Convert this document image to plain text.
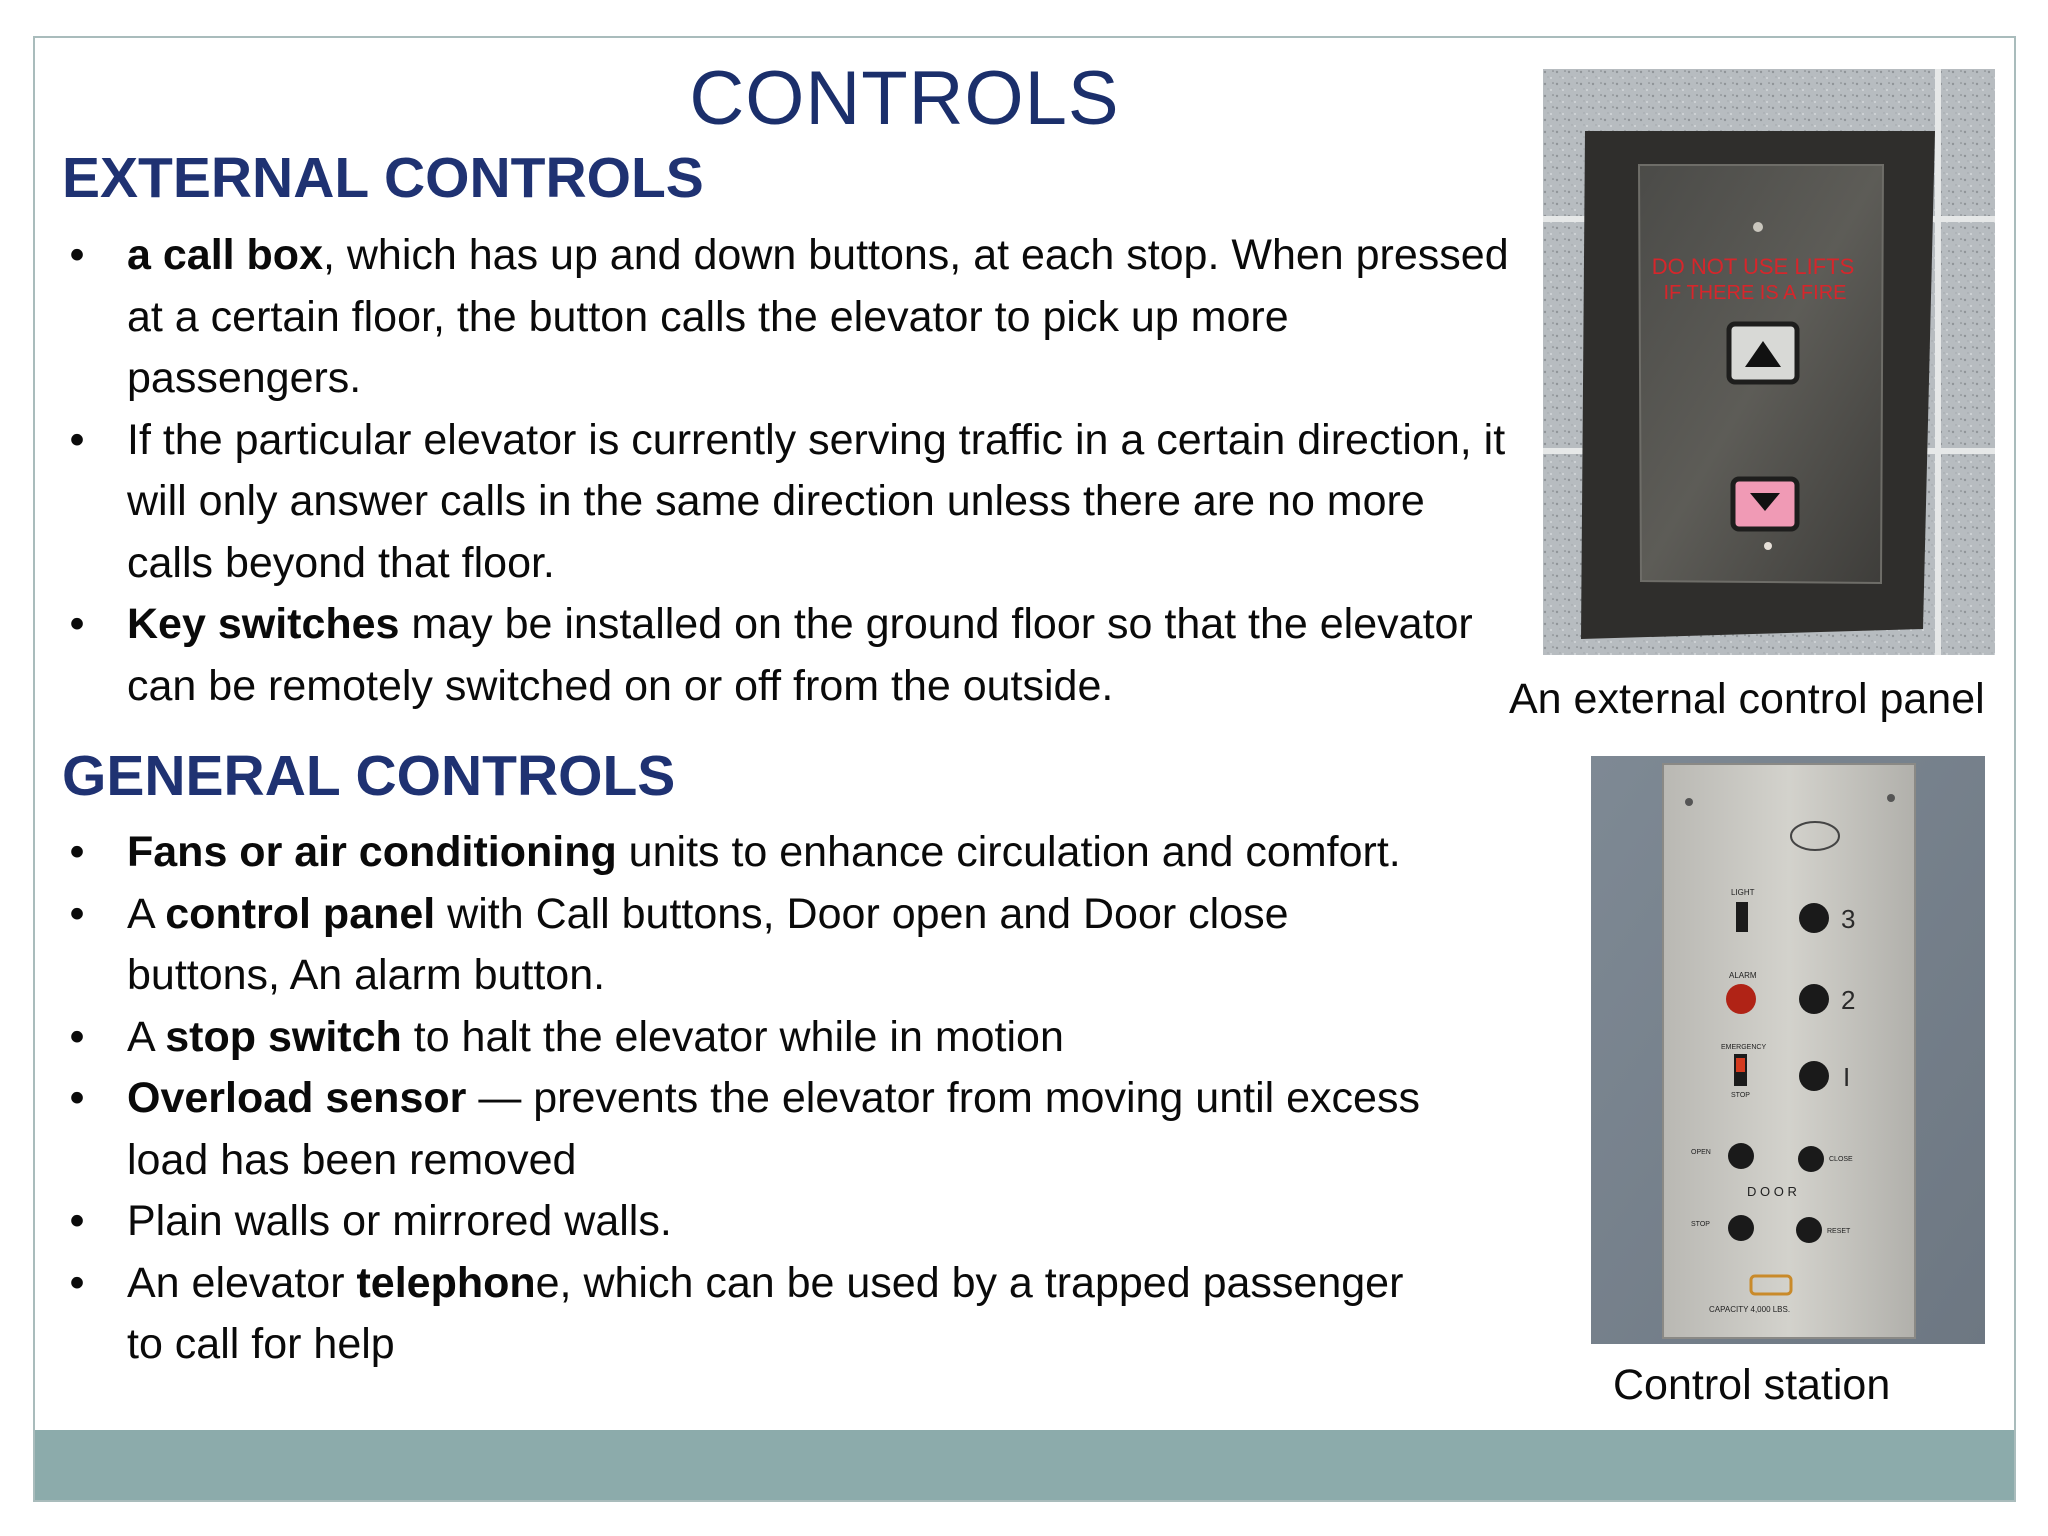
CONTROLS
EXTERNAL CONTROLS
• a call box, which has up and down buttons, at each stop. When pressed at a certain floor, the button calls the elevator to pick up more passengers.
• If the particular elevator is currently serving traffic in a certain direction, it will only answer calls in the same direction unless there are no more calls beyond that floor.
• Key switches may be installed on the ground floor so that the elevator can be remotely switched on or off from the outside.
GENERAL CONTROLS
• Fans or air conditioning units to enhance circulation and comfort.
• A control panel with Call buttons, Door open and Door close buttons, An alarm button.
• A stop switch to halt the elevator while in motion
• Overload sensor — prevents the elevator from moving until excess load has been removed
• Plain walls or mirrored walls.
• An elevator telephone, which can be used by a trapped passenger to call for help
DO NOT USE LIFTS
IF THERE IS A FIRE
An external control panel
LIGHT
3
ALARM
2
EMERGENCY
STOP
I
OPEN
CLOSE
D O O R
STOP
RESET
CAPACITY 4,000 LBS.
Control station
